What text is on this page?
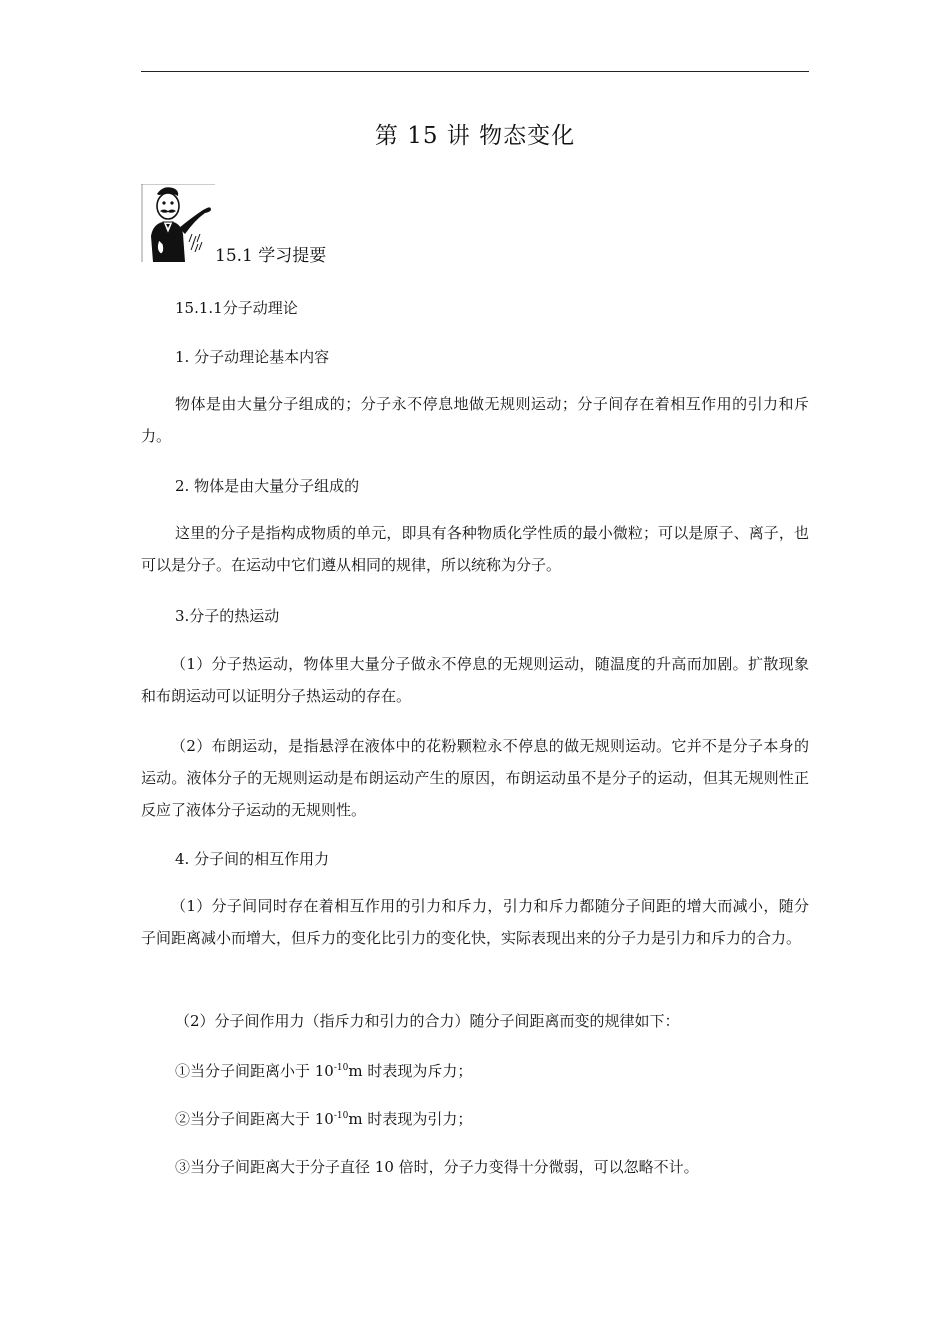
第 15 讲 物态变化
15.1 学习提要
15.1.1分子动理论
1. 分子动理论基本内容
物体是由大量分子组成的；分子永不停息地做无规则运动；分子间存在着相互作用的引力和斥力。
2. 物体是由大量分子组成的
这里的分子是指构成物质的单元，即具有各种物质化学性质的最小微粒；可以是原子、离子，也可以是分子。在运动中它们遵从相同的规律，所以统称为分子。
3.分子的热运动
（1）分子热运动，物体里大量分子做永不停息的无规则运动，随温度的升高而加剧。扩散现象和布朗运动可以证明分子热运动的存在。
（2）布朗运动，是指悬浮在液体中的花粉颗粒永不停息的做无规则运动。它并不是分子本身的运动。液体分子的无规则运动是布朗运动产生的原因，布朗运动虽不是分子的运动，但其无规则性正反应了液体分子运动的无规则性。
4. 分子间的相互作用力
（1）分子间同时存在着相互作用的引力和斥力，引力和斥力都随分子间距的增大而减小，随分子间距离减小而增大，但斥力的变化比引力的变化快，实际表现出来的分子力是引力和斥力的合力。
（2）分子间作用力（指斥力和引力的合力）随分子间距离而变的规律如下：
①当分子间距离小于 $10^{-10}m$ 时表现为斥力；
②当分子间距离大于 $10^{-10}m$ 时表现为引力；
③当分子间距离大于分子直径 10 倍时，分子力变得十分微弱，可以忽略不计。
